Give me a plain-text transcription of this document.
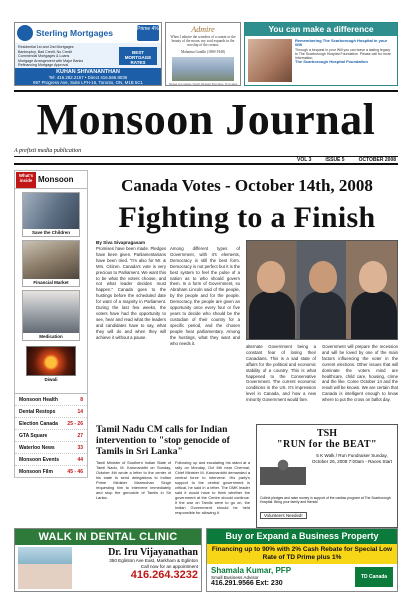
Sterling Mortgages	Prime 4%
Residential 1st and 2nd Mortgages
Bankruptcy, Bad Credit, No Credit
Commercial Mortgages & Loans
Mortgage Arrangement with Major Banks
Refinancing Mortgage Approval
BEST MORTGAGE RATES
KUHAN SHIVANANTHAN
Tel: 416.282.2167 • Direct 416.566.8036
997 Progress Ave, Suite LPH-16, Toronto, ON, M1B 5C1
Admire
When I admire the wonders of a sunset or the beauty of the moon, my soul expands in the worship of the creator.
Mahatma Gandhi (1869-1948)
Sunset in Laguna, North Western Province, Sri Lanka
You can make a difference
Remembering The Scarborough Hospital in your Will
Through a bequest in your Will you can leave a lasting legacy to The Scarborough Hospital Foundation. Please call for more information.
The Scarborough Hospital Foundation
Monsoon Journal
A prefixit media publication
VOL 3	ISSUE 5	OCTOBER 2008
What's inside Monsoon
Save the Children
Financial Market
Medication
Diwali
Monsoon Health	8
Dental Restops	14
Election Canada 25 - 26
GTA Square	27
Waterloo News	33
Monsoon Events	44
Monsoon Film	45 - 46
Canada Votes - October 14th, 2008
Fighting to a Finish
By Siva Sivapragasam
Promises have been made. Pledges have been given. Parliamentarians have been tried. "I'm also for Mr. & Mrs. Citizen. Canada's vote is very precious to Parliament. We want this to be what the voters choose, and not what leader decides must happen." Canada goes to the hustings before the scheduled date for want of a majority in Parliament. During the last few weeks, the voters have had the opportunity to see, hear and read what the leaders and candidates have to say, what they will do and when they will achieve it without a pause.
Among different types of Government, with it's elements, Democracy is still the best form. Democracy is not perfect but it is the best system to feel the pulse of a nation as to who should govern them. In a form of Government, so Abraham Lincoln said of the people, by the people and for the people. Democracy, the people are given an opportunity once every four or five years to decide who should be the custodian of their country for a specific period, and the chosen people hear parliamentary. Among the hustings, what they want and who needs it.
alternate Government being a constant fear of losing their Canadians. This is a sad state of affairs for the political and economic stability of a country. This is what happened to the Conservative Government. The current economic conditions in the US. It's impression level in Canada, and how a new minority Government would fare.
Government will prepare the recession and will be loved by one of the main factors influencing the voter in the current elections. Other issues that will dominate the voters mind are healthcare, child care, housing, crime and the like. Come October 14 and the result will be known. We are certain that Canada is intelligent enough to know where to put the cross on ballot day.
Tamil Nadu CM calls for Indian intervention to "stop genocide of Tamils in Sri Lanka"

Tamil Minister of Southern Indian State of Tamil Nadu, M. Karunanidhi on Sunday, October 4th wrote a letter to the center of his state to send delegations to Indian Prime Minister Manmohan Singh requesting him to intervene immediately and stop the genocide of Tamils in Sri Lanka.

Following up and escalating his stand at a rally on Monday, Oct 6th near Chennai, Chief Minister M. Karunanidhi demanded a central force to intervene. His party's support to the central government is critical, he said in a letter. The DMK leader said it would have to think whether the government at the Centre should continue. If the war on Tamils were to go on, the Indian Government should be held responsible for allowing it.

TSH
"RUN for the BEAT"
5 K Walk / Run Fundraiser Sunday, October 26, 2008 7:00am - Races Start
Collect pledges and raise money in support of the cardiac program at The Scarborough Hospital. Bring your family and friends!
Volunteers Needed!
WALK IN DENTAL CLINIC
Dr. Iru Vijayanathan
350 Eglinton Ave East, Markham & Eglinton
Call now for an appointment
416.264.3232
Buy or Expand a Business Property
Financing up to 90% with 2% Cash Rebate for Special Low Rate of TD Prime plus 1%
Shamala Kumar, PFP
Small Business Advisor
416.291.9566 Ext: 230
TD Canada Trust
